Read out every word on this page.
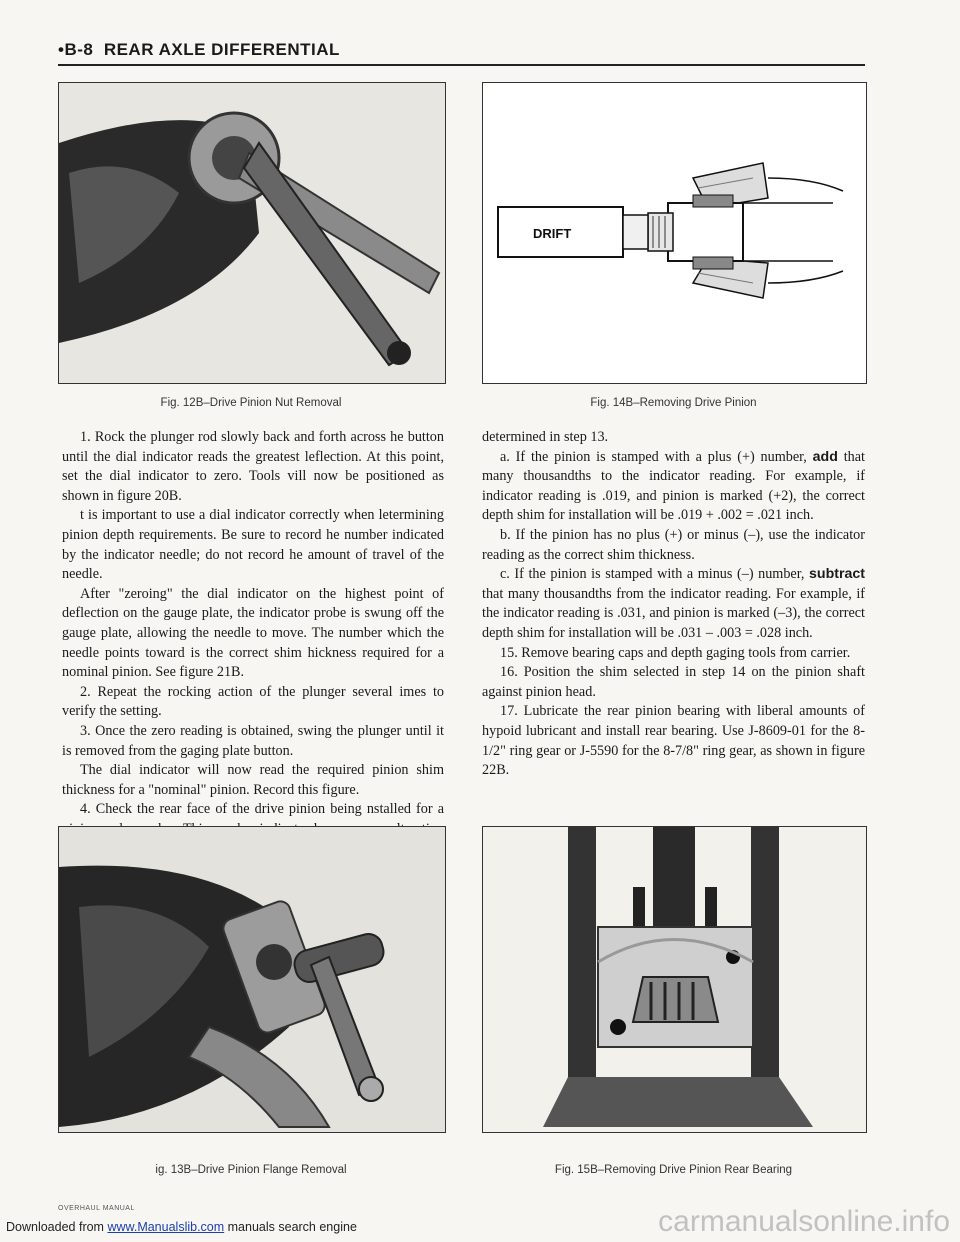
•B-8 REAR AXLE DIFFERENTIAL
Fig. 12B–Drive Pinion Nut Removal
DRIFT
Fig. 14B–Removing Drive Pinion

1. Rock the plunger rod slowly back and forth across he button until the dial indicator reads the greatest leflection. At this point, set the dial indicator to zero. Tools vill now be positioned as shown in figure 20B.

t is important to use a dial indicator correctly when letermining pinion depth requirements. Be sure to record he number indicated by the indicator needle; do not record he amount of travel of the needle.

After "zeroing" the dial indicator on the highest point of deflection on the gauge plate, the indicator probe is swung off the gauge plate, allowing the needle to move. The number which the needle points toward is the correct shim hickness required for a nominal pinion. See figure 21B.

2. Repeat the rocking action of the plunger several imes to verify the setting.

3. Once the zero reading is obtained, swing the plunger until it is removed from the gaging plate button.

The dial indicator will now read the required pinion shim thickness for a "nominal" pinion. Record this figure.

4. Check the rear face of the drive pinion being nstalled for a

determined in step 13.

a. If the pinion is stamped with a plus (+) number, add that many thousandths to the indicator reading. For example, if indicator reading is .019, and pinion is marked (+2), the correct depth shim for installation will be .019 + .002 = .021 inch.

b. If the pinion has no plus (+) or minus (–), use the indicator reading as the correct shim thickness.

c. If the pinion is stamped with a minus (–) number, subtract that many thousandths from the indicator reading. For example, if the indicator reading is .031, and pinion is marked (–3), the correct depth shim for installation will be .031 – .003 = .028 inch.

15. Remove bearing caps and depth gaging tools from carrier.

16. Position the shim selected in step 14 on the pinion shaft against pinion head.

17. Lubricate the rear pinion bearing with liberal amounts of hypoid lubricant and install rear bearing. Use J-8609-01 for the 8-1/2" ring gear or J-5590 for the 8-7/8" ring gear, as shown in figure 22B.

ig. 13B–Drive Pinion Flange Removal	Fig. 15B–Removing Drive Pinion Rear Bearing
OVERHAUL MANUAL
Downloaded from www.Manualslib.com manuals search engine	carmanualsonline.info
